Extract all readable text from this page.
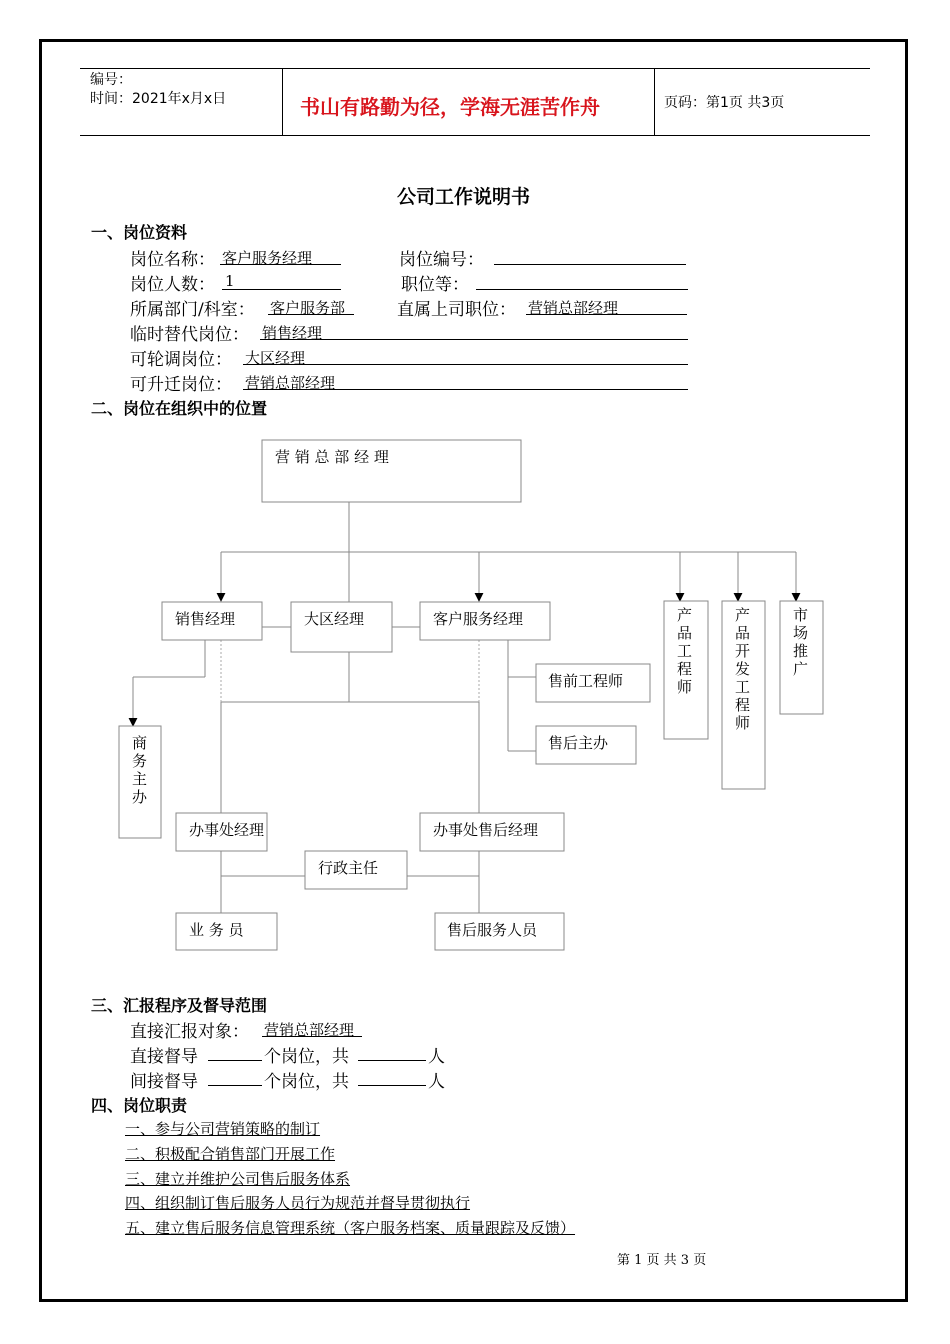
编号：
时间：2021年x月x日	书山有路勤为径，学海无涯苦作舟	页码：第1页 共3页
公司工作说明书
一、岗位资料
岗位名称： 客户服务经理	岗位编号：
岗位人数： 1	职位等：
所属部门/科室： 客户服务部	直属上司职位： 营销总部经理
临时替代岗位： 销售经理
可轮调岗位： 大区经理
可升迁岗位： 营销总部经理
二、岗位在组织中的位置
营 销 总 部 经 理
销售经理	大区经理	客户服务经理
售前工程师
售后主办
办事处经理	办事处售后经理
行政主任
业 务 员	售后服务人员
产
品
工
程
师
产
品
开
发
工
程
师
市
场
推
广
商
务
主
办
三、汇报程序及督导范围
直接汇报对象： 营销总部经理
直接督导	个岗位，共	人
间接督导	个岗位，共	人
四、岗位职责
一、参与公司营销策略的制订
二、积极配合销售部门开展工作
三、建立并维护公司售后服务体系
四、组织制订售后服务人员行为规范并督导贯彻执行
五、建立售后服务信息管理系统（客户服务档案、质量跟踪及反馈）
第 1 页 共 3 页
